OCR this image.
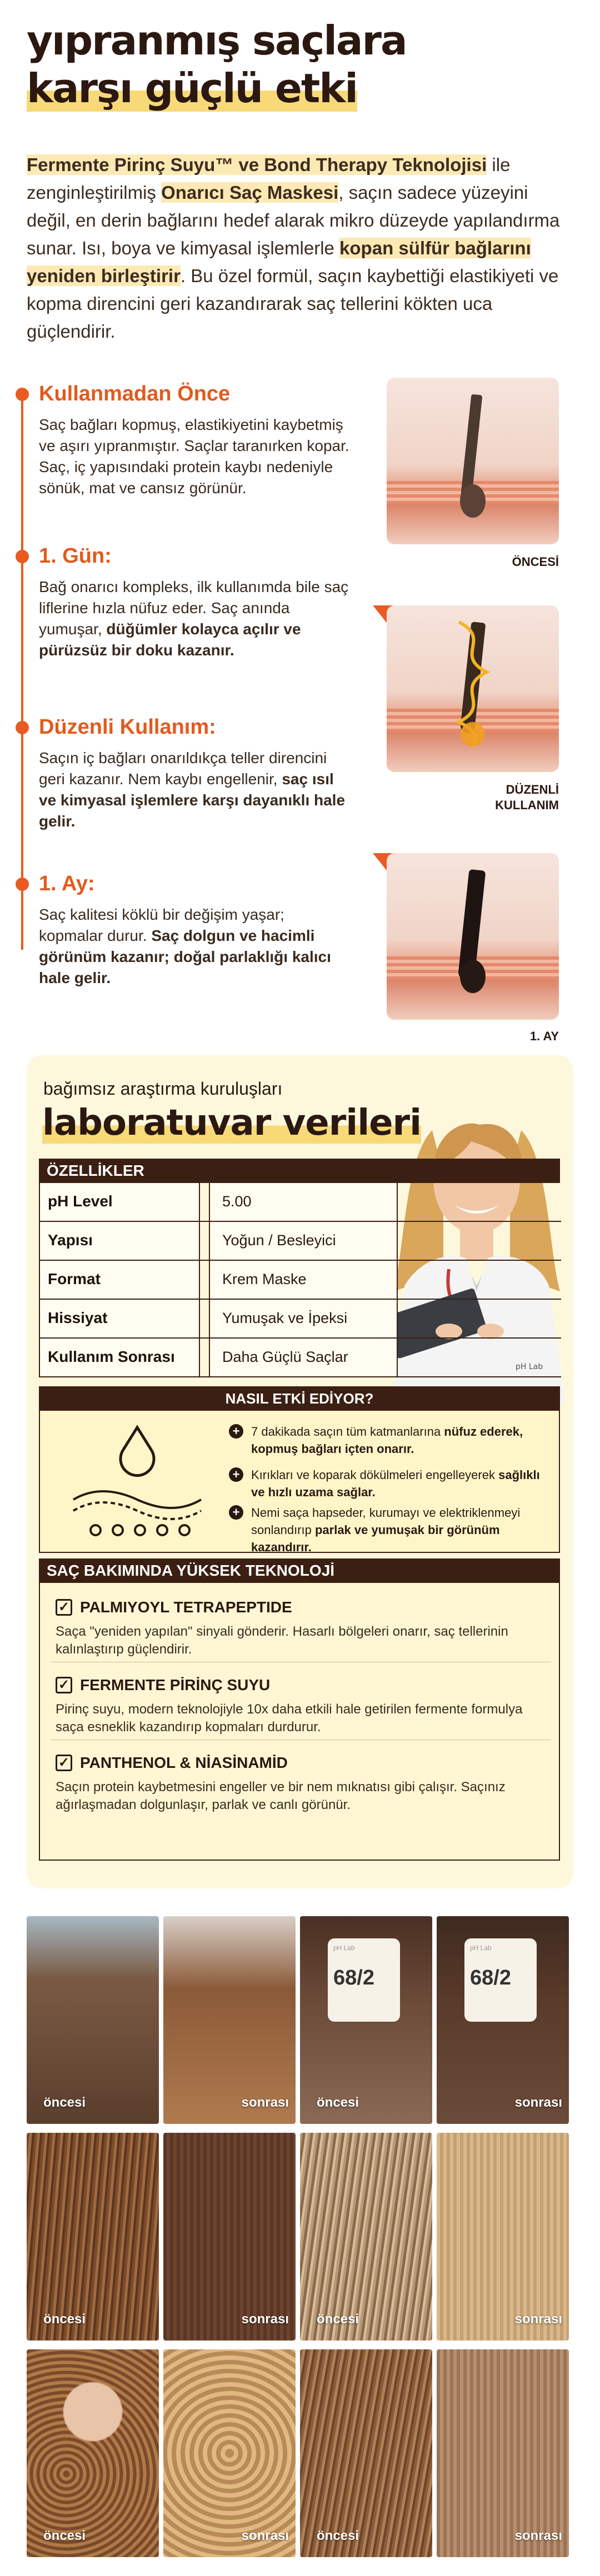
yıpranmış saçlara
karşı güçlü etki

Fermente Pirinç Suyu™ ve Bond Therapy Teknolojisi ile zenginleştirilmiş Onarıcı Saç Maskesi, saçın sadece yüzeyini değil, en derin bağlarını hedef alarak mikro düzeyde yapılandırma sunar. Isı, boya ve kimyasal işlemlerle kopan sülfür bağlarını yeniden birleştirir. Bu özel formül, saçın kaybettiği elastikiyeti ve kopma direncini geri kazandırarak saç tellerini kökten uca güçlendirir.

Kullanmadan Önce

Saç bağları kopmuş, elastikiyetini kaybetmiş ve aşırı yıpranmıştır. Saçlar taranırken kopar. Saç, iç yapısındaki protein kaybı nedeniyle sönük, mat ve cansız görünür.

1. Gün:

Bağ onarıcı kompleks, ilk kullanımda bile saç liflerine hızla nüfuz eder. Saç anında yumuşar, düğümler kolayca açılır ve pürüzsüz bir doku kazanır.

Düzenli Kullanım:

Saçın iç bağları onarıldıkça teller direncini geri kazanır. Nem kaybı engellenir, saç ısıl ve kimyasal işlemlere karşı dayanıklı hale gelir.

1. Ay:

Saç kalitesi köklü bir değişim yaşar; kopmalar durur. Saç dolgun ve hacimli görünüm kazanır; doğal parlaklığı kalıcı hale gelir.

ÖNCESİ
DÜZENLİ
KULLANIM
1. AY
bağımsız araştırma kuruluşları
laboratuvar verileri
pH Lab
ÖZELLİKLER
pH Level	5.00
Yapısı	Yoğun / Besleyici
Format	Krem Maske
Hissiyat	Yumuşak ve İpeksi
Kullanım Sonrası	Daha Güçlü Saçlar
NASIL ETKİ EDİYOR?
+ 7 dakikada saçın tüm katmanlarına nüfuz ederek, kopmuş bağları içten onarır.
+ Kırıkları ve koparak dökülmeleri engelleyerek sağlıklı ve hızlı uzama sağlar.
+ Nemi saça hapseder, kurumayı ve elektriklenmeyi sonlandırıp parlak ve yumuşak bir görünüm kazandırır.
SAÇ BAKIMINDA YÜKSEK TEKNOLOJİ
✓ PALMIYOYL TETRAPEPTIDE

Saça "yeniden yapılan" sinyali gönderir. Hasarlı bölgeleri onarır, saç tellerinin kalınlaştırıp güçlendirir.

✓ FERMENTE PİRİNÇ SUYU

Pirinç suyu, modern teknolojiyle 10x daha etkili hale getirilen fermente formulya saça esneklik kazandırıp kopmaları durdurur.

✓ PANTHENOL & NİASİNAMİD

Saçın protein kaybetmesini engeller ve bir nem mıknatısı gibi çalışır. Saçınız ağırlaşmadan dolgunlaşır, parlak ve canlı görünür.

öncesi	sonrası
pH Lab
68/2
öncesi
pH Lab
68/2
sonrası
öncesi	sonrası öncesi	sonrası
öncesi	sonrası öncesi	sonrası
